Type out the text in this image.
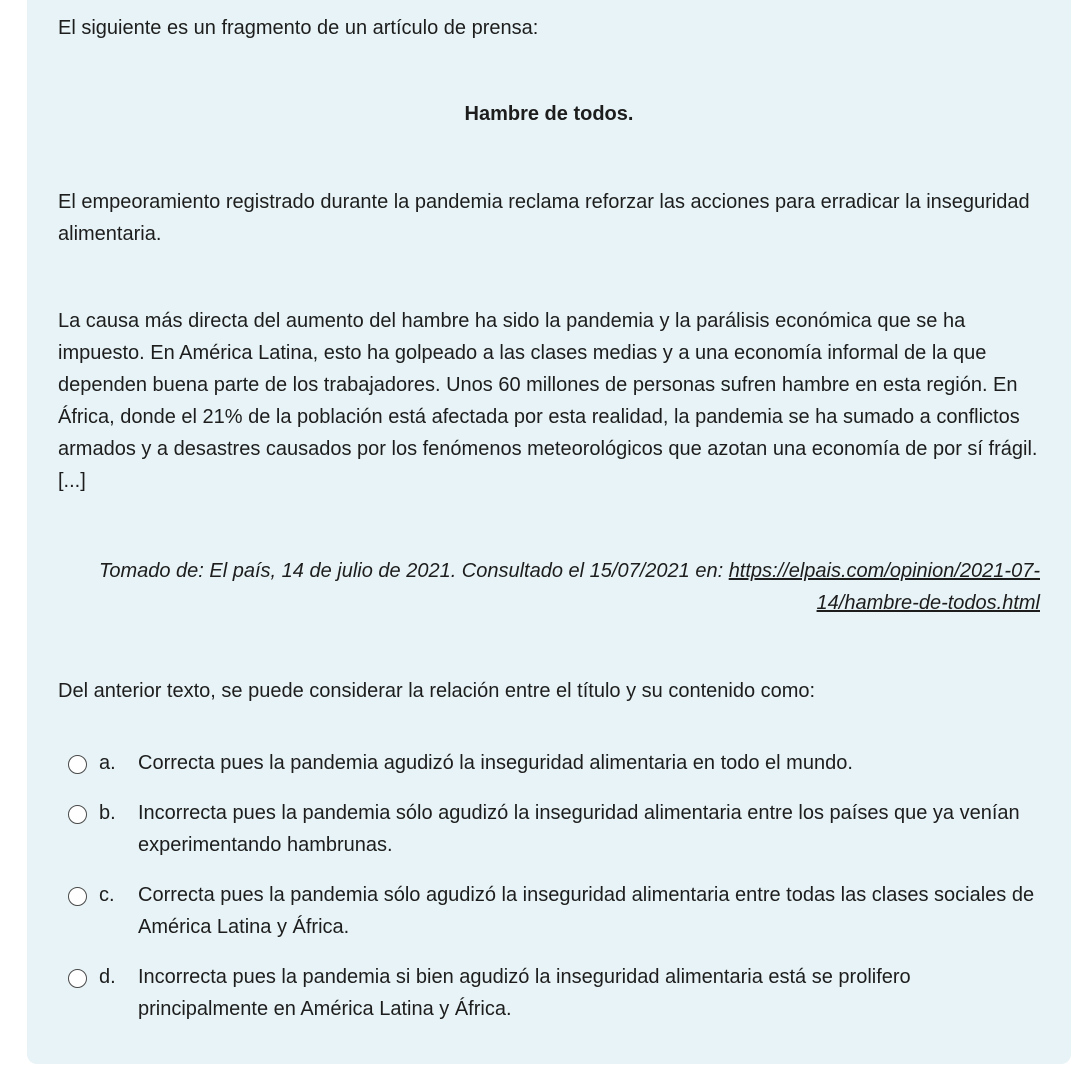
El siguiente es un fragmento de un artículo de prensa:
Hambre de todos.
El empeoramiento registrado durante la pandemia reclama reforzar las acciones para erradicar la inseguridad alimentaria.
La causa más directa del aumento del hambre ha sido la pandemia y la parálisis económica que se ha impuesto. En América Latina, esto ha golpeado a las clases medias y a una economía informal de la que dependen buena parte de los trabajadores. Unos 60 millones de personas sufren hambre en esta región. En África, donde el 21% de la población está afectada por esta realidad, la pandemia se ha sumado a conflictos armados y a desastres causados por los fenómenos meteorológicos que azotan una economía de por sí frágil. [...]
Tomado de: El país, 14 de julio de 2021. Consultado el 15/07/2021 en: https://elpais.com/opinion/2021-07-14/hambre-de-todos.html
Del anterior texto, se puede considerar la relación entre el título y su contenido como:
a. Correcta pues la pandemia agudizó la inseguridad alimentaria en todo el mundo.
b. Incorrecta pues la pandemia sólo agudizó la inseguridad alimentaria entre los países que ya venían experimentando hambrunas.
c. Correcta pues la pandemia sólo agudizó la inseguridad alimentaria entre todas las clases sociales de América Latina y África.
d. Incorrecta pues la pandemia si bien agudizó la inseguridad alimentaria está se prolifero principalmente en América Latina y África.
